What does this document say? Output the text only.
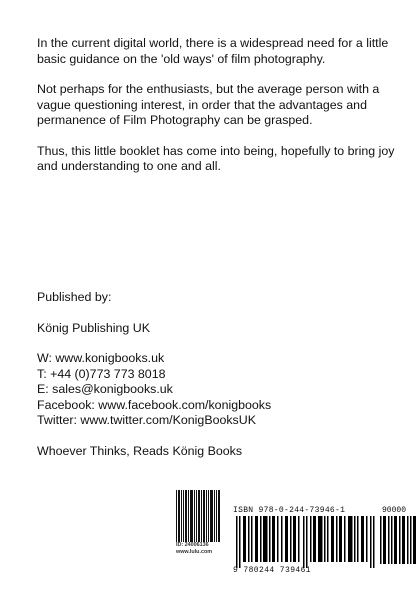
In the current digital world, there is a widespread need for a little basic guidance on the 'old ways' of film photography.

Not perhaps for the enthusiasts, but the average person with a vague questioning interest, in order that the advantages and permanence of Film Photography can be grasped.

Thus, this little booklet has come into being, hopefully to bring joy and understanding to one and all.

Published by:
König Publishing UK
W: www.konigbooks.uk
T: +44 (0)773 773 8018
E: sales@konigbooks.uk
Facebook: www.facebook.com/konigbooks
Twitter: www.twitter.com/KonigBooksUK
Whoever Thinks, Reads König Books
ID: 24006136
www.lulu.com
ISBN 978-0-244-73946-1
9 780244 739461
90000
